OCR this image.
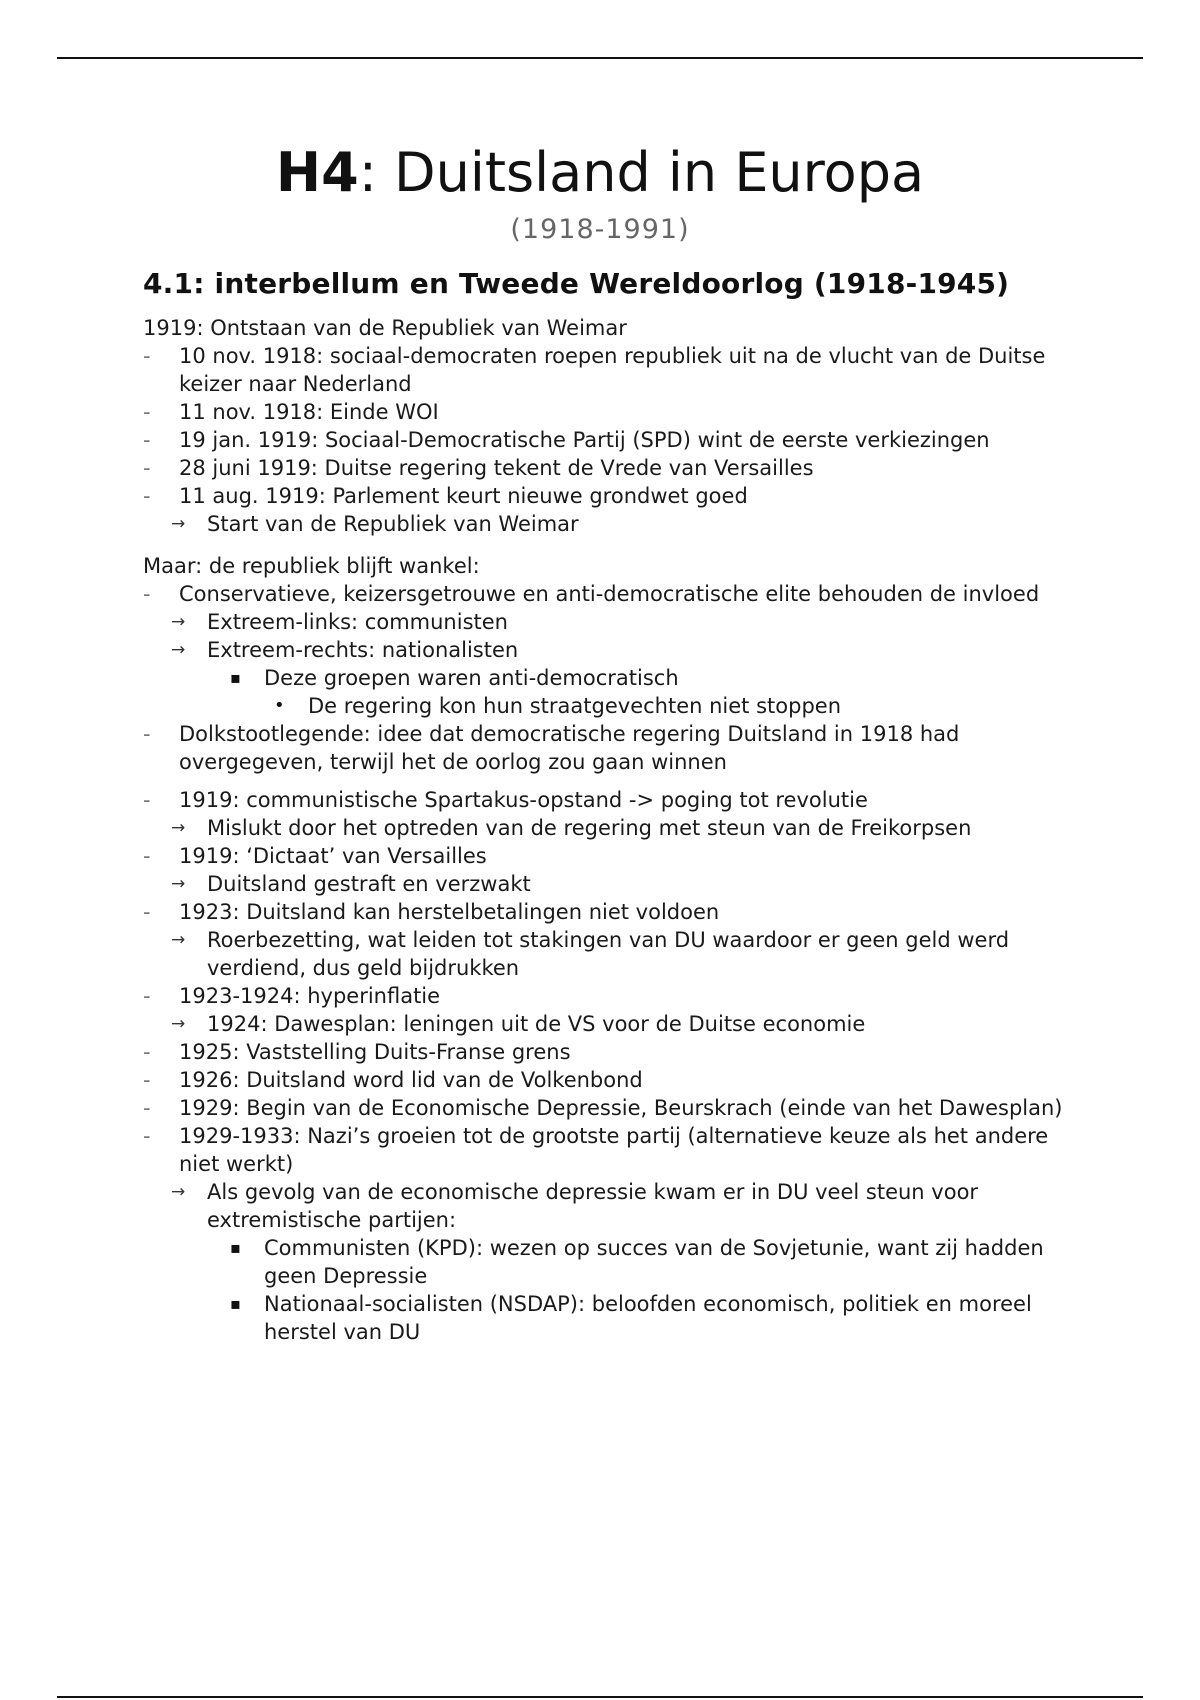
H4: Duitsland in Europa
(1918-1991)
4.1: interbellum en Tweede Wereldoorlog (1918-1945)
1919: Ontstaan van de Republiek van Weimar
- 10 nov. 1918: sociaal-democraten roepen republiek uit na de vlucht van de Duitse keizer naar Nederland
- 11 nov. 1918: Einde WOI
- 19 jan. 1919: Sociaal-Democratische Partij (SPD) wint de eerste verkiezingen
- 28 juni 1919: Duitse regering tekent de Vrede van Versailles
- 11 aug. 1919: Parlement keurt nieuwe grondwet goed
→ Start van de Republiek van Weimar
Maar: de republiek blijft wankel:
- Conservatieve, keizersgetrouwe en anti-democratische elite behouden de invloed
→ Extreem-links: communisten
→ Extreem-rechts: nationalisten
▪ Deze groepen waren anti-democratisch
• De regering kon hun straatgevechten niet stoppen
- Dolkstootlegende: idee dat democratische regering Duitsland in 1918 had overgegeven, terwijl het de oorlog zou gaan winnen
- 1919: communistische Spartakus-opstand -> poging tot revolutie
→ Mislukt door het optreden van de regering met steun van de Freikorpsen
- 1919: ‘Dictaat’ van Versailles
→ Duitsland gestraft en verzwakt
- 1923: Duitsland kan herstelbetalingen niet voldoen
→ Roerbezetting, wat leiden tot stakingen van DU waardoor er geen geld werd verdiend, dus geld bijdrukken
- 1923-1924: hyperinflatie
→ 1924: Dawesplan: leningen uit de VS voor de Duitse economie
- 1925: Vaststelling Duits-Franse grens
- 1926: Duitsland word lid van de Volkenbond
- 1929: Begin van de Economische Depressie, Beurskrach (einde van het Dawesplan)
- 1929-1933: Nazi’s groeien tot de grootste partij (alternatieve keuze als het andere niet werkt)
→ Als gevolg van de economische depressie kwam er in DU veel steun voor extremistische partijen:
▪ Communisten (KPD): wezen op succes van de Sovjetunie, want zij hadden geen Depressie
▪ Nationaal-socialisten (NSDAP): beloofden economisch, politiek en moreel herstel van DU
